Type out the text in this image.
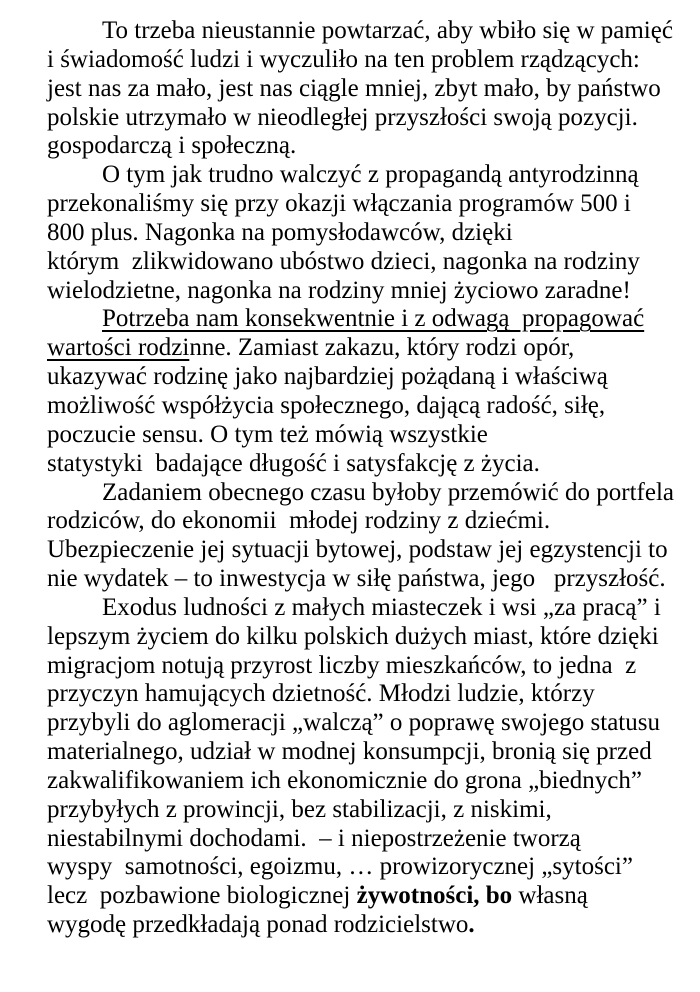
To trzeba nieustannie powtarzać, aby wbiło się w pamięć
i świadomość ludzi i wyczuliło na ten problem rządzących:
jest nas za mało, jest nas ciągle mniej, zbyt mało, by państwo
polskie utrzymało w nieodległej przyszłości swoją pozycji.
gospodarczą i społeczną.
O tym jak trudno walczyć z propagandą antyrodzinną
przekonaliśmy się przy okazji włączania programów 500 i
800 plus. Nagonka na pomysłodawców, dzięki
którym  zlikwidowano ubóstwo dzieci, nagonka na rodziny
wielodzietne, nagonka na rodziny mniej życiowo zaradne!
Potrzeba nam konsekwentnie i z odwagą  propagować
wartości rodzinne. Zamiast zakazu, który rodzi opór,
ukazywać rodzinę jako najbardziej pożądaną i właściwą
możliwość współżycia społecznego, dającą radość, siłę,
poczucie sensu. O tym też mówią wszystkie
statystyki  badające długość i satysfakcję z życia.
Zadaniem obecnego czasu byłoby przemówić do portfela
rodziców, do ekonomii  młodej rodziny z dziećmi.
Ubezpieczenie jej sytuacji bytowej, podstaw jej egzystencji to
nie wydatek – to inwestycja w siłę państwa, jego   przyszłość.
Exodus ludności z małych miasteczek i wsi „za pracą” i
lepszym życiem do kilku polskich dużych miast, które dzięki
migracjom notują przyrost liczby mieszkańców, to jedna  z
przyczyn hamujących dzietność. Młodzi ludzie, którzy
przybyli do aglomeracji „walczą” o poprawę swojego statusu
materialnego, udział w modnej konsumpcji, bronią się przed
zakwalifikowaniem ich ekonomicznie do grona „biednych”
przybyłych z prowincji, bez stabilizacji, z niskimi,
niestabilnymi dochodami.  – i niepostrzeżenie tworzą
wyspy  samotności, egoizmu, … prowizorycznej „sytości”
lecz  pozbawione biologicznej żywotności, bo własną
wygodę przedkładają ponad rodzicielstwo.
